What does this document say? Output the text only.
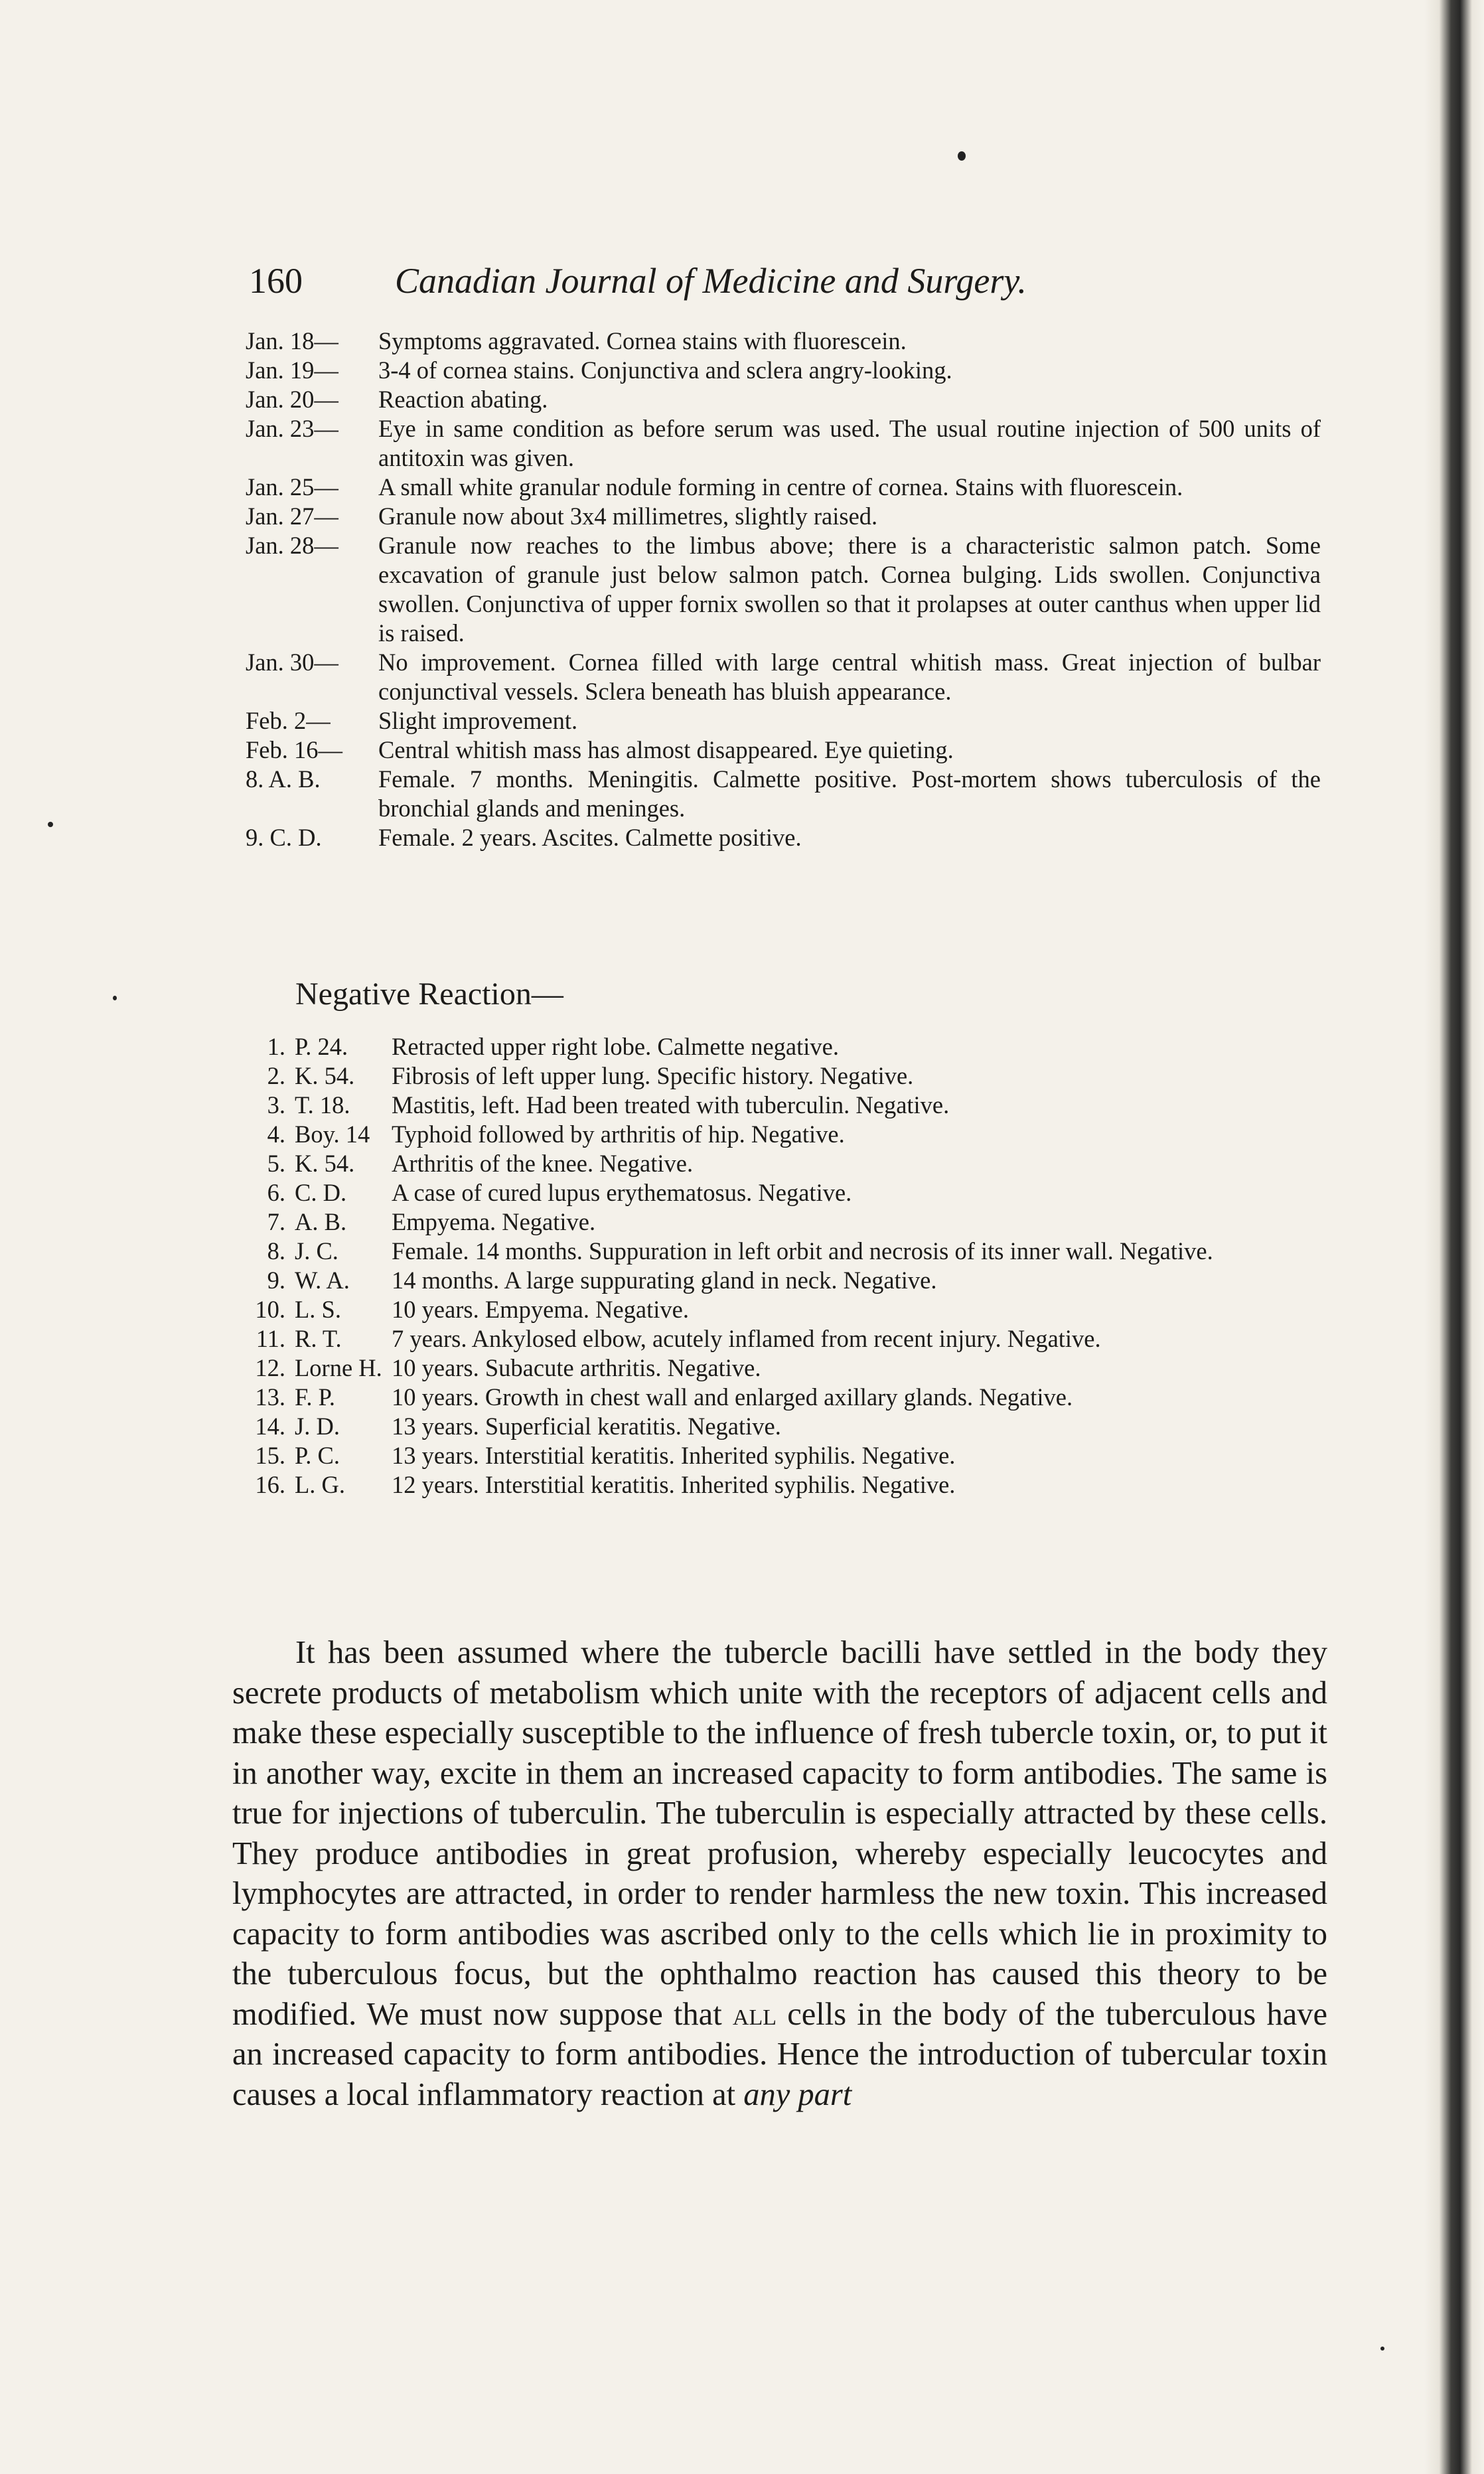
160	Canadian Journal of Medicine and Surgery.

Jan. 18— Symptoms aggravated. Cornea stains with fluorescein.

Jan. 19— 3-4 of cornea stains. Conjunctiva and sclera angry-looking.

Jan. 20— Reaction abating.

Jan. 23— Eye in same condition as before serum was used. The usual routine injection of 500 units of antitoxin was given.

Jan. 25— A small white granular nodule forming in centre of cornea. Stains with fluorescein.

Jan. 27— Granule now about 3x4 millimetres, slightly raised.

Jan. 28— Granule now reaches to the limbus above; there is a characteristic salmon patch. Some excavation of granule just below salmon patch. Cornea bulging. Lids swollen. Conjunctiva swollen. Conjunctiva of upper fornix swollen so that it prolapses at outer canthus when upper lid is raised.

Jan. 30— No improvement. Cornea filled with large central whitish mass. Great injection of bulbar conjunctival vessels. Sclera beneath has bluish appearance.

Feb. 2— Slight improvement.

Feb. 16— Central whitish mass has almost disappeared. Eye quieting.

8. A. B. Female. 7 months. Meningitis. Calmette positive. Post-mortem shows tuberculosis of the bronchial glands and meninges.

9. C. D. Female. 2 years. Ascites. Calmette positive.

Negative Reaction—

1. P. 24. Retracted upper right lobe. Calmette negative.

2. K. 54. Fibrosis of left upper lung. Specific history. Negative.

3. T. 18. Mastitis, left. Had been treated with tuberculin. Negative.

4. Boy. 14 Typhoid followed by arthritis of hip. Negative.

5. K. 54. Arthritis of the knee. Negative.

6. C. D. A case of cured lupus erythematosus. Negative.

7. A. B. Empyema. Negative.

8. J. C. Female. 14 months. Suppuration in left orbit and necrosis of its inner wall. Negative.

9. W. A. 14 months. A large suppurating gland in neck. Negative.

10. L. S. 10 years. Empyema. Negative.

11. R. T. 7 years. Ankylosed elbow, acutely inflamed from recent injury. Negative.

12. Lorne H. 10 years. Subacute arthritis. Negative.

13. F. P. 10 years. Growth in chest wall and enlarged axillary glands. Negative.

14. J. D. 13 years. Superficial keratitis. Negative.

15. P. C. 13 years. Interstitial keratitis. Inherited syphilis. Negative.

16. L. G. 12 years. Interstitial keratitis. Inherited syphilis. Negative.

It has been assumed where the tubercle bacilli have settled in the body they secrete products of metabolism which unite with the receptors of adjacent cells and make these especially susceptible to the influence of fresh tubercle toxin, or, to put it in another way, excite in them an increased capacity to form antibodies. The same is true for injections of tuberculin. The tuberculin is especially attracted by these cells. They produce antibodies in great profusion, whereby especially leucocytes and lymphocytes are attracted, in order to render harmless the new toxin. This increased capacity to form antibodies was ascribed only to the cells which lie in proximity to the tuberculous focus, but the ophthalmo reaction has caused this theory to be modified. We must now suppose that all cells in the body of the tuberculous have an increased capacity to form antibodies. Hence the introduction of tubercular toxin causes a local inflammatory reaction at any part
